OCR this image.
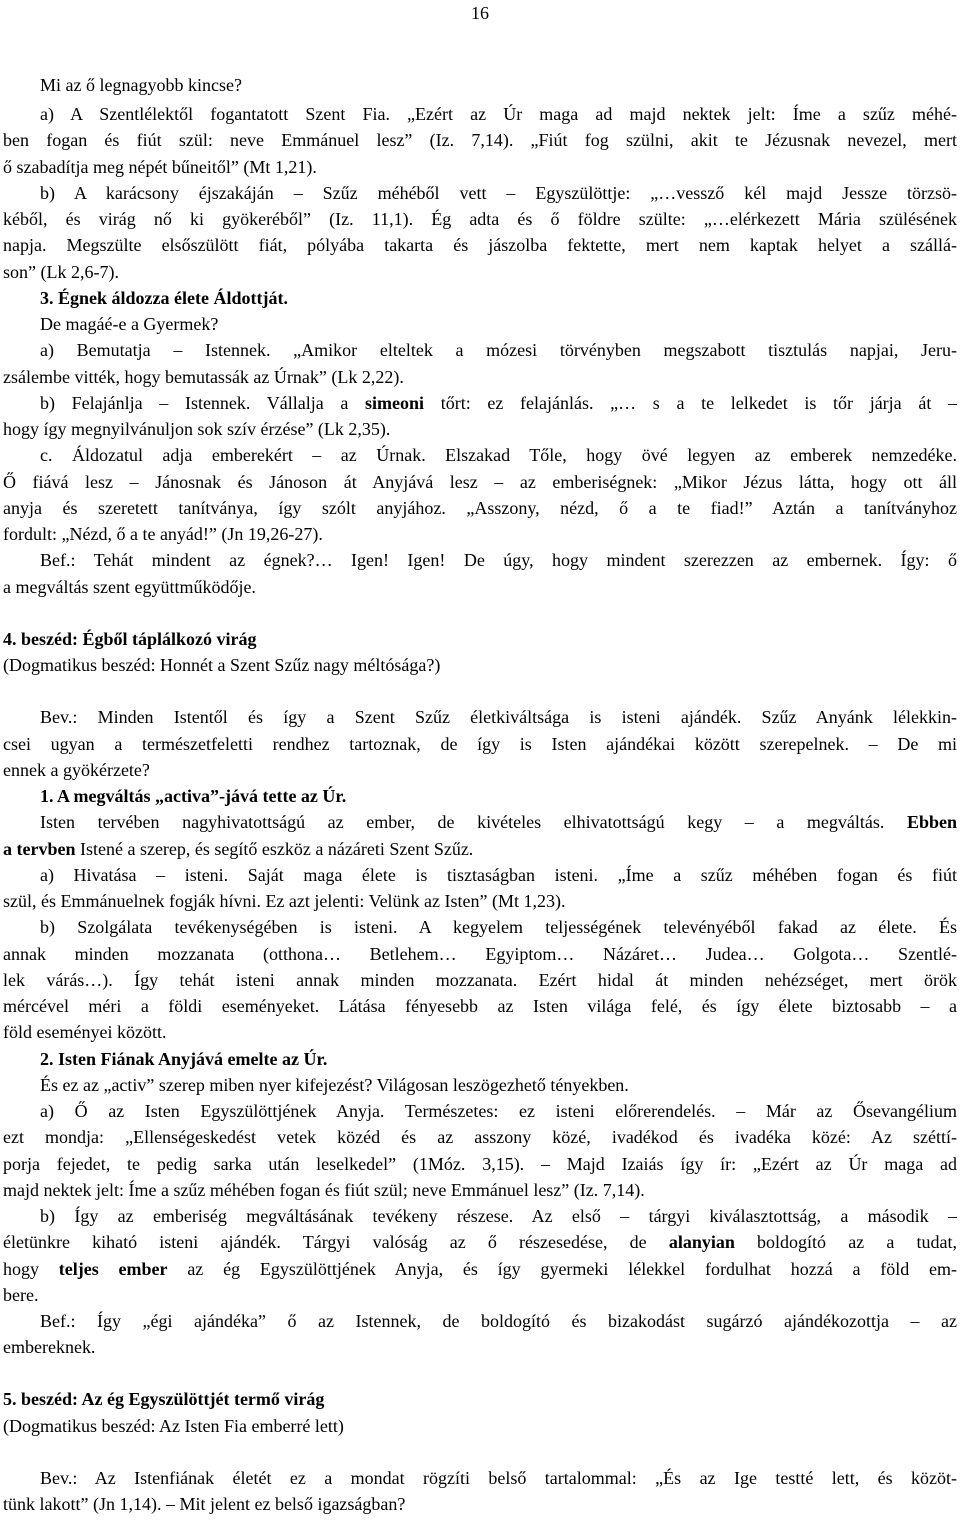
16
Mi az ő legnagyobb kincse?
a) A Szentlélektől fogantatott Szent Fia. „Ezért az Úr maga ad majd nektek jelt: Íme a szűz méhé-
ben fogan és fiút szül: neve Emmánuel lesz” (Iz. 7,14). „Fiút fog szülni, akit te Jézusnak nevezel, mert
ő szabadítja meg népét bűneitől” (Mt 1,21).
b) A karácsony éjszakáján – Szűz méhéből vett – Egyszülöttje: „…vessző kél majd Jessze törzsö-
kéből, és virág nő ki gyökeréből” (Iz. 11,1). Ég adta és ő földre szülte: „…elérkezett Mária szülésének
napja. Megszülte elsőszülött fiát, pólyába takarta és jászolba fektette, mert nem kaptak helyet a szállá-
son” (Lk 2,6-7).
3. Égnek áldozza élete Áldottját.
De magáé-e a Gyermek?
a) Bemutatja – Istennek. „Amikor elteltek a mózesi törvényben megszabott tisztulás napjai, Jeru-
zsálembe vitték, hogy bemutassák az Úrnak” (Lk 2,22).
b) Felajánlja – Istennek. Vállalja a simeoni tőrt: ez felajánlás. „… s a te lelkedet is tőr járja át –
hogy így megnyilvánuljon sok szív érzése” (Lk 2,35).
c. Áldozatul adja emberekért – az Úrnak. Elszakad Tőle, hogy övé legyen az emberek nemzedéke.
Ő fiává lesz – Jánosnak és Jánoson át Anyjává lesz – az emberiségnek: „Mikor Jézus látta, hogy ott áll
anyja és szeretett tanítványa, így szólt anyjához. „Asszony, nézd, ő a te fiad!” Aztán a tanítványhoz
fordult: „Nézd, ő a te anyád!” (Jn 19,26-27).
Bef.: Tehát mindent az égnek?… Igen! Igen! De úgy, hogy mindent szerezzen az embernek. Így: ő
a megváltás szent együttműködője.
4. beszéd: Égből táplálkozó virág
(Dogmatikus beszéd: Honnét a Szent Szűz nagy méltósága?)
Bev.: Minden Istentől és így a Szent Szűz életkiváltsága is isteni ajándék. Szűz Anyánk lélekkin-
csei ugyan a természetfeletti rendhez tartoznak, de így is Isten ajándékai között szerepelnek. – De mi
ennek a gyökérzete?
1. A megváltás „activa”-jává tette az Úr.
Isten tervében nagyhivatottságú az ember, de kivételes elhivatottságú kegy – a megváltás. Ebben
a tervben Istené a szerep, és segítő eszköz a názáreti Szent Szűz.
a) Hivatása – isteni. Saját maga élete is tisztaságban isteni. „Íme a szűz méhében fogan és fiút
szül, és Emmánuelnek fogják hívni. Ez azt jelenti: Velünk az Isten” (Mt 1,23).
b) Szolgálata tevékenységében is isteni. A kegyelem teljességének televényéből fakad az élete. És
annak minden mozzanata (otthona… Betlehem… Egyiptom… Názáret… Judea… Golgota… Szentlé-
lek várás…). Így tehát isteni annak minden mozzanata. Ezért hidal át minden nehézséget, mert örök
mércével méri a földi eseményeket. Látása fényesebb az Isten világa felé, és így élete biztosabb – a
föld eseményei között.
2. Isten Fiának Anyjává emelte az Úr.
És ez az „activ” szerep miben nyer kifejezést? Világosan leszögezhető tényekben.
a) Ő az Isten Egyszülöttjének Anyja. Természetes: ez isteni előrerendelés. – Már az Ősevangélium
ezt mondja: „Ellenségeskedést vetek közéd és az asszony közé, ivadékod és ivadéka közé: Az széttí-
porja fejedet, te pedig sarka után leselkedel” (1Móz. 3,15). – Majd Izaiás így ír: „Ezért az Úr maga ad
majd nektek jelt: Íme a szűz méhében fogan és fiút szül; neve Emmánuel lesz” (Iz. 7,14).
b) Így az emberiség megváltásának tevékeny részese. Az első – tárgyi kiválasztottság, a második –
életünkre kiható isteni ajándék. Tárgyi valóság az ő részesedése, de alanyian boldogító az a tudat,
hogy teljes ember az ég Egyszülöttjének Anyja, és így gyermeki lélekkel fordulhat hozzá a föld em-
bere.
Bef.: Így „égi ajándéka” ő az Istennek, de boldogító és bizakodást sugárzó ajándékozottja – az
embereknek.
5. beszéd: Az ég Egyszülöttjét termő virág
(Dogmatikus beszéd: Az Isten Fia emberré lett)
Bev.: Az Istenfiának életét ez a mondat rögzíti belső tartalommal: „És az Ige testté lett, és közöt-
tünk lakott” (Jn 1,14). – Mit jelent ez belső igazságban?
